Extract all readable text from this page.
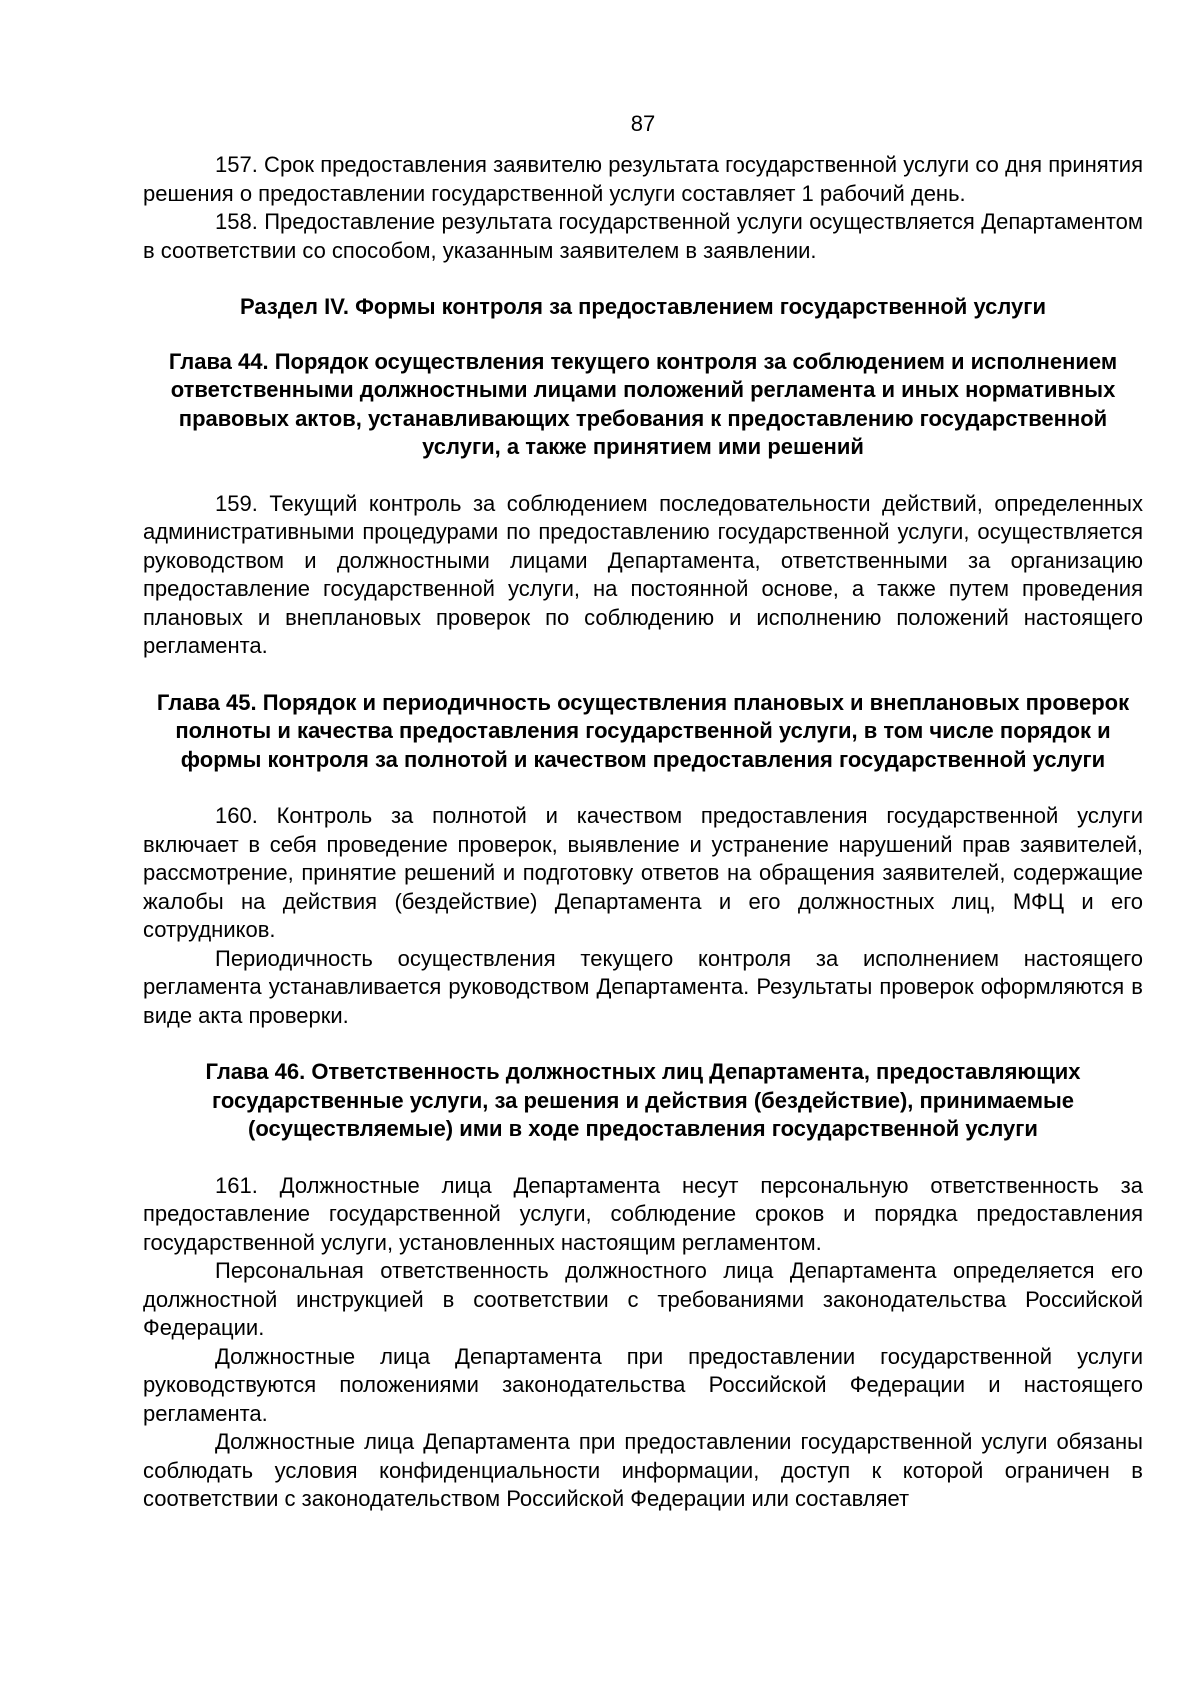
87

157. Срок предоставления заявителю результата государственной услуги со дня принятия решения о предоставлении государственной услуги составляет 1 рабочий день.

158. Предоставление результата государственной услуги осуществляется Департаментом в соответствии со способом, указанным заявителем в заявлении.

Раздел IV. Формы контроля за предоставлением государственной услуги

Глава 44. Порядок осуществления текущего контроля за соблюдением и исполнением ответственными должностными лицами положений регламента и иных нормативных правовых актов, устанавливающих требования к предоставлению государственной услуги, а также принятием ими решений

159. Текущий контроль за соблюдением последовательности действий, определенных административными процедурами по предоставлению государственной услуги, осуществляется руководством и должностными лицами Департамента, ответственными за организацию предоставление государственной услуги, на постоянной основе, а также путем проведения плановых и внеплановых проверок по соблюдению и исполнению положений настоящего регламента.

Глава 45. Порядок и периодичность осуществления плановых и внеплановых проверок полноты и качества предоставления государственной услуги, в том числе порядок и формы контроля за полнотой и качеством предоставления государственной услуги

160. Контроль за полнотой и качеством предоставления государственной услуги включает в себя проведение проверок, выявление и устранение нарушений прав заявителей, рассмотрение, принятие решений и подготовку ответов на обращения заявителей, содержащие жалобы на действия (бездействие) Департамента и его должностных лиц, МФЦ и его сотрудников.

Периодичность осуществления текущего контроля за исполнением настоящего регламента устанавливается руководством Департамента. Результаты проверок оформляются в виде акта проверки.

Глава 46. Ответственность должностных лиц Департамента, предоставляющих государственные услуги, за решения и действия (бездействие), принимаемые (осуществляемые) ими в ходе предоставления государственной услуги

161. Должностные лица Департамента несут персональную ответственность за предоставление государственной услуги, соблюдение сроков и порядка предоставления государственной услуги, установленных настоящим регламентом.

Персональная ответственность должностного лица Департамента определяется его должностной инструкцией в соответствии с требованиями законодательства Российской Федерации.

Должностные лица Департамента при предоставлении государственной услуги руководствуются положениями законодательства Российской Федерации и настоящего регламента.

Должностные лица Департамента при предоставлении государственной услуги обязаны соблюдать условия конфиденциальности информации, доступ к которой ограничен в соответствии с законодательством Российской Федерации или составляет
